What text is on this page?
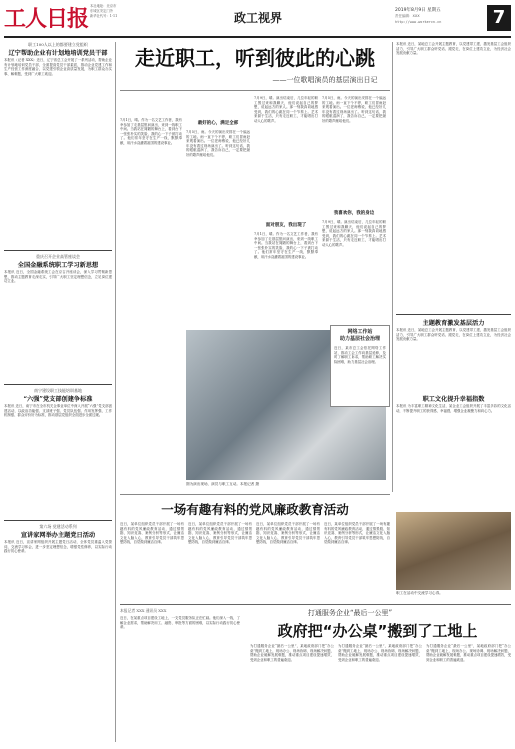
工人日报 本社地址：北京市
东城区安定门外
新华社代号：1-11	政工视界
2019年8月9日 星期五
责任编辑：XXX
http://www.workercn.cn	7
职工100人以上的都要建立党组织
辽宁帮助企业有计划地培训党员干部
本报讯（记者 XXX）近日，辽宁省总工会开展了一系列活动，帮助企业有计划地培训党员干部，全面提高党员干部素质，推动企业党建工作和生产经营工作深度融合，以党建引领企业高质量发展，为职工群众办实事、解难题，受到广大职工欢迎。
重庆召开企业高管座谈会
全国金融系统职工学习新思想
本报讯 近日，全国金融系统工会在京召开座谈会，深入学习贯彻新思想，推动主题教育走深走实，引导广大职工坚定理想信念，立足岗位建功立业。
南宁建设职工技能培训基地
“六强”党支部创建争标准
本报讯 近日，南宁市在全市机关企事业单位中深入开展“六强”党支部创建活动，以政治功能强、支部班子强、党员队伍强、作用发挥强、工作机制强、群众评价好为标准，推动基层党组织全面进步全面过硬。
第六场 党建活动系列
宣讲家网举办主题党日活动
本报讯 近日，宣讲家网组织开展主题党日活动，全体党员重温入党誓词，交流学习体会，进一步坚定理想信念，增强党性修养，以实际行动践行初心使命。
走近职工，听到彼此的心跳
——一位歌唱演员的基层演出日记
7月1日，晴。作为一名文艺工作者，我有幸参加了走基层慰问演出，来到一线职工中间。当我站在简陋的舞台上，看到台下一张张朴实的笑脸，我的心一下子被打动了。他们常年坚守在生产一线，默默奉献，用汗水浇灌着祖国的建设事业。
最好的心，满足全部
7月5日，雨。今天的演出安排在一个偏远的工地。雨一直下个不停，职工们冒雨赶来观看演出。一位老师傅说，他已经好几年没有看过现场演出了。听到这句话，我的眼眶湿润了，我告诉自己，一定要把最好的歌声献给他们。
7月9日，晴。演出结束后，几位年轻的职工围过来和我聊天，他们说起自己的梦想，说起远方的家人。那一刻我真切地感受到，我们的心跳在同一个节奏上。艺术来源于生活，只有走近职工，才能唱出打动人心的歌声。
面对朋友，我出现了
7月1日，晴。作为一名文艺工作者，我有幸参加了走基层慰问演出，来到一线职工中间。当我站在简陋的舞台上，看到台下一张张朴实的笑脸，我的心一下子被打动了。他们常年坚守在生产一线，默默奉献，用汗水浇灌着祖国的建设事业。
7月5日，雨。今天的演出安排在一个偏远的工地。雨一直下个不停，职工们冒雨赶来观看演出。一位老师傅说，他已经好几年没有看过现场演出了。听到这句话，我的眼眶湿润了，我告诉自己，一定要把最好的歌声献给他们。
我喜欢你，我的身边
7月9日，晴。演出结束后，几位年轻的职工围过来和我聊天，他们说起自己的梦想，说起远方的家人。那一刻我真切地感受到，我们的心跳在同一个节奏上。艺术来源于生活，只有走近职工，才能唱出打动人心的歌声。
图为演出现场，演员与职工互动。本报记者 摄
网络工作站
助力基层社会治理
近日，某市总工会依托网络工作站，推动工会工作向基层延伸，及时了解职工诉求，帮助职工解决实际困难，助力基层社会治理。
本报讯 近日，某地总工会开展主题教育，以党建带工建，激发基层工会组织活力，引导广大职工群众听党话、跟党走，在岗位上建功立业，为经济社会发展贡献力量。
主题教育激发基层活力
本报讯 近日，某地总工会开展主题教育，以党建带工建，激发基层工会组织活力，引导广大职工群众听党话、跟党走，在岗位上建功立业，为经济社会发展贡献力量。
职工文化提升幸福指数
本报讯 为丰富职工精神文化生活，某企业工会组织开展了丰富多彩的文化活动，不断提升职工的获得感、幸福感，增强企业凝聚力和向心力。
职工在活动中交流学习心得。
一场有趣有料的党风廉政教育活动
近日，某单位组织党员干部开展了一场有趣有料的党风廉政教育活动，通过情景剧、知识竞赛、案例分析等形式，让廉洁文化入脑入心，教育引导党员干部筑牢思想防线，自觉做到廉洁自律。
近日，某单位组织党员干部开展了一场有趣有料的党风廉政教育活动，通过情景剧、知识竞赛、案例分析等形式，让廉洁文化入脑入心，教育引导党员干部筑牢思想防线，自觉做到廉洁自律。
近日，某单位组织党员干部开展了一场有趣有料的党风廉政教育活动，通过情景剧、知识竞赛、案例分析等形式，让廉洁文化入脑入心，教育引导党员干部筑牢思想防线，自觉做到廉洁自律。
近日，某单位组织党员干部开展了一场有趣有料的党风廉政教育活动，通过情景剧、知识竞赛、案例分析等形式，让廉洁文化入脑入心，教育引导党员干部筑牢思想防线，自觉做到廉洁自律。
本报记者 XXX 通讯员 XXX
近日，在某重点项目建设工地上，一支党员服务队正在忙碌。他们深入一线，了解企业需求，帮助解决用工、融资、审批等方面的困难，以实际行动践行初心使命。
打通服务企业“最后一公里”
政府把“办公桌”搬到了工地上
为打通服务企业“最后一公里”，某地政府部门把“办公桌”搬到工地上，现场办公、现场协调、现场解决问题，帮助企业破解发展难题，推动重点项目建设提速增效，受到企业和职工的普遍欢迎。
为打通服务企业“最后一公里”，某地政府部门把“办公桌”搬到工地上，现场办公、现场协调、现场解决问题，帮助企业破解发展难题，推动重点项目建设提速增效，受到企业和职工的普遍欢迎。
为打通服务企业“最后一公里”，某地政府部门把“办公桌”搬到工地上，现场办公、现场协调、现场解决问题，帮助企业破解发展难题，推动重点项目建设提速增效，受到企业和职工的普遍欢迎。
